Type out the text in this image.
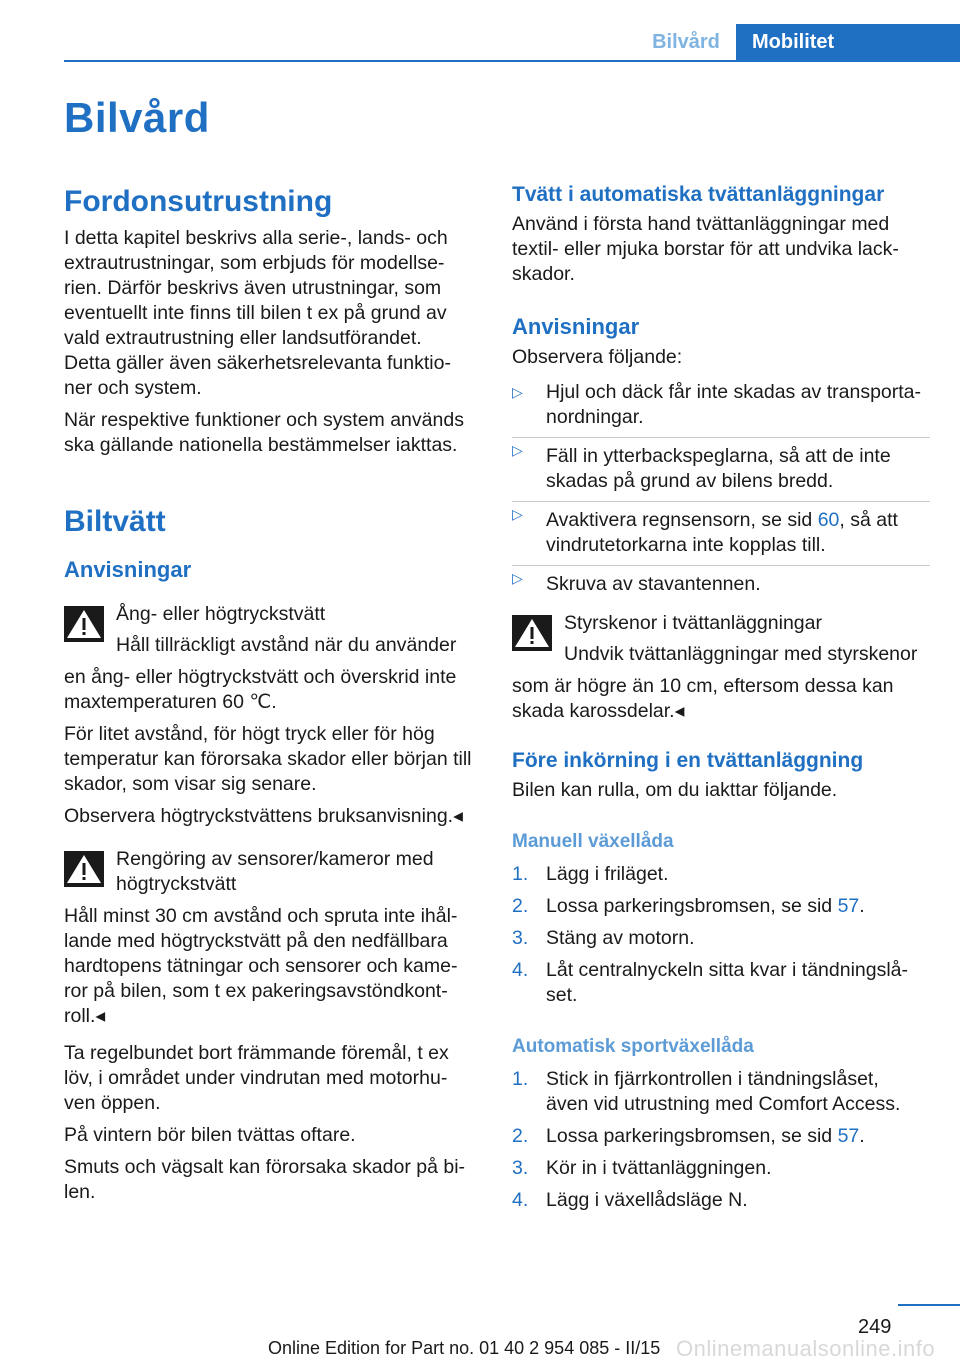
Bilvård	Mobilitet
Bilvård
Fordonsutrustning

I detta kapitel beskrivs alla serie-, lands- och
extrautrustningar, som erbjuds för modellse-
rien. Därför beskrivs även utrustningar, som
eventuellt inte finns till bilen t ex på grund av
vald extrautrustning eller landsutförandet.
Detta gäller även säkerhetsrelevanta funktio-
ner och system.

När respektive funktioner och system används
ska gällande nationella bestämmelser iakttas.

Biltvätt
Anvisningar

Ång- eller högtryckstvätt

Håll tillräckligt avstånd när du använder

en ång- eller högtryckstvätt och överskrid inte
maxtemperaturen 60 ℃.

För litet avstånd, för högt tryck eller för hög
temperatur kan förorsaka skador eller början till
skador, som visar sig senare.

Observera högtryckstvättens bruksanvisning.◂

Rengöring av sensorer/kameror med
högtryckstvätt

Håll minst 30 cm avstånd och spruta inte ihål-
lande med högtryckstvätt på den nedfällbara
hardtopens tätningar och sensorer och kame-
ror på bilen, som t ex pakeringsavstöndkont-
roll.◂

Ta regelbundet bort främmande föremål, t ex
löv, i området under vindrutan med motorhu-
ven öppen.

På vintern bör bilen tvättas oftare.

Smuts och vägsalt kan förorsaka skador på bi-
len.

Tvätt i automatiska tvättanläggningar

Använd i första hand tvättanläggningar med
textil- eller mjuka borstar för att undvika lack-
skador.

Anvisningar

Observera följande:

▷ Hjul och däck får inte skadas av transporta-
nordningar.
▷ Fäll in ytterbackspeglarna, så att de inte
skadas på grund av bilens bredd.
▷ Avaktivera regnsensorn, se sid 60, så att
vindrutetorkarna inte kopplas till.
▷ Skruva av stavantennen.

Styrskenor i tvättanläggningar

Undvik tvättanläggningar med styrskenor

som är högre än 10 cm, eftersom dessa kan
skada karossdelar.◂

Före inkörning i en tvättanläggning

Bilen kan rulla, om du iakttar följande.

Manuell växellåda
1. Lägg i friläget.
2. Lossa parkeringsbromsen, se sid 57.
3. Stäng av motorn.
4. Låt centralnyckeln sitta kvar i tändningslå-
set.
Automatisk sportväxellåda
1. Stick in fjärrkontrollen i tändningslåset,
även vid utrustning med Comfort Access.
2. Lossa parkeringsbromsen, se sid 57.
3. Kör in i tvättanläggningen.
4. Lägg i växellådsläge N.
249
Onlinemanualsonline.info
Online Edition for Part no. 01 40 2 954 085 - II/15
